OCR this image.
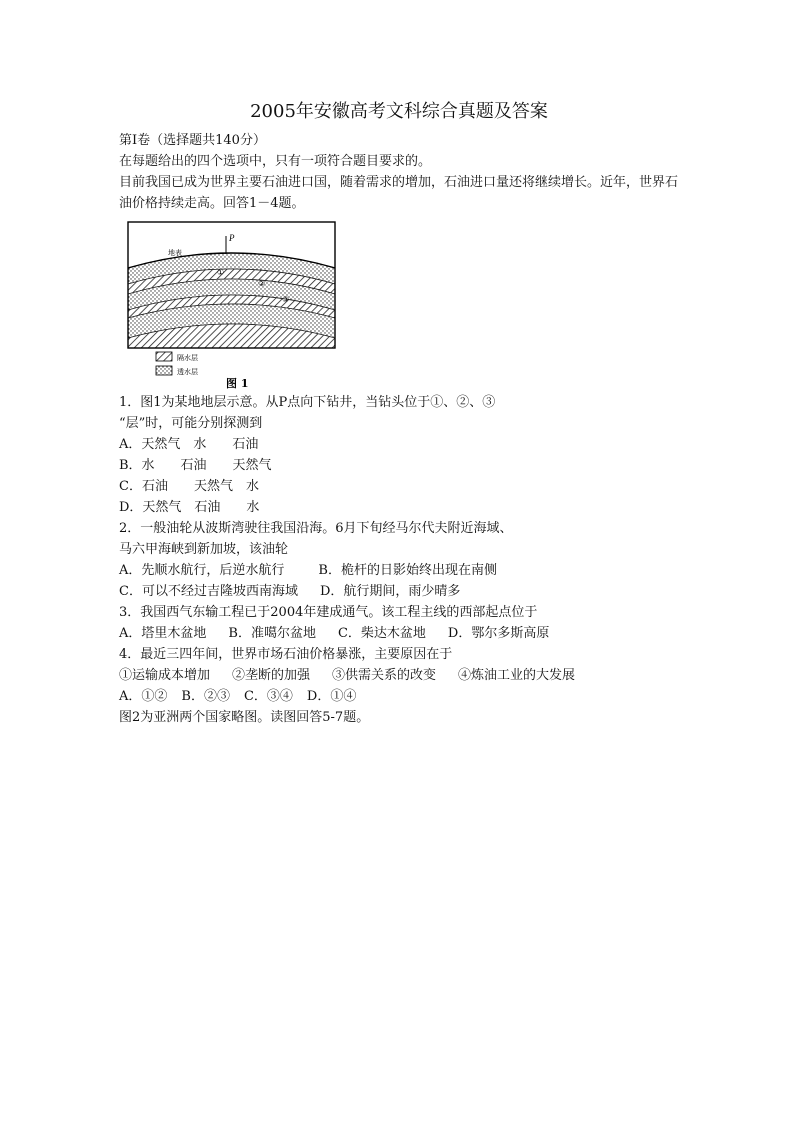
2005年安徽高考文科综合真题及答案
第Ⅰ卷（选择题共140分）
在每题给出的四个选项中，只有一项符合题目要求的。
目前我国已成为世界主要石油进口国，随着需求的增加，石油进口量还将继续增长。近年，世界石油价格持续走高。回答1－4题。
P
地表
①
②
③
隔水层
透水层
图 1
1．图1为某地地层示意。从P点向下钻井，当钻头位于①、②、③
“层”时，可能分别探测到
A．天然气　水　　石油
B．水　　石油　　天然气
C．石油　　天然气　水
D．天然气　石油　　水
2．一般油轮从波斯湾驶往我国沿海。6月下旬经马尔代夫附近海域、
马六甲海峡到新加坡，该油轮
A．先顺水航行，后逆水航行	B．桅杆的日影始终出现在南侧
C．可以不经过吉隆坡西南海域 D．航行期间，雨少晴多
3．我国西气东输工程已于2004年建成通气。该工程主线的西部起点位于
A．塔里木盆地 B．准噶尔盆地 C．柴达木盆地 D．鄂尔多斯高原
4．最近三四年间，世界市场石油价格暴涨，主要原因在于
①运输成本增加 ②垄断的加强 ③供需关系的改变 ④炼油工业的大发展
A．①② B．②③ C．③④ D．①④
图2为亚洲两个国家略图。读图回答5-7题。
